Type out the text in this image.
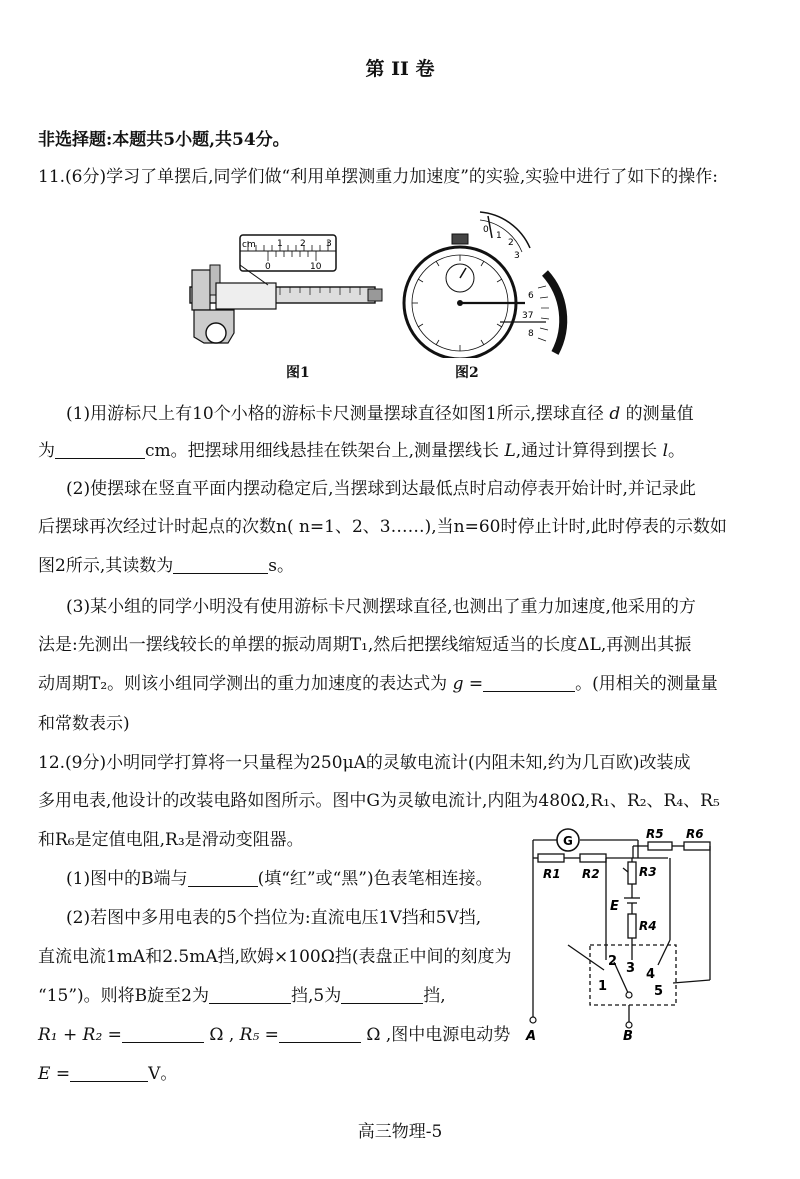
第 II 卷
非选择题:本题共5小题,共54分。
11.(6分)学习了单摆后,同学们做“利用单摆测重力加速度”的实验,实验中进行了如下的操作:
cm 1 2 3
0	10
图1
0
1
2
3
6
37
8
图2
(1)用游标尺上有10个小格的游标卡尺测量摆球直径如图1所示,摆球直径 d 的测量值
为	cm。把摆球用细线悬挂在铁架台上,测量摆线长 L,通过计算得到摆长 l。
(2)使摆球在竖直平面内摆动稳定后,当摆球到达最低点时启动停表开始计时,并记录此
后摆球再次经过计时起点的次数n( n=1、2、3……),当n=60时停止计时,此时停表的示数如
图2所示,其读数为	s。
(3)某小组的同学小明没有使用游标卡尺测摆球直径,也测出了重力加速度,他采用的方
法是:先测出一摆线较长的单摆的振动周期T₁,然后把摆线缩短适当的长度ΔL,再测出其振
动周期T₂。则该小组同学测出的重力加速度的表达式为 g =	。(用相关的测量量
和常数表示)
12.(9分)小明同学打算将一只量程为250μA的灵敏电流计(内阻未知,约为几百欧)改装成
多用电表,他设计的改装电路如图所示。图中G为灵敏电流计,内阻为480Ω,R₁、R₂、R₄、R₅
和R₆是定值电阻,R₃是滑动变阻器。
(1)图中的B端与	(填“红”或“黑”)色表笔相连接。
(2)若图中多用电表的5个挡位为:直流电压1V挡和5V挡,
直流电流1mA和2.5mA挡,欧姆×100Ω挡(表盘正中间的刻度为
“15”)。则将B旋至2为	挡,5为	挡,
R₁ + R₂ =	Ω , R₅ =	Ω ,图中电源电动势
E =	V。
G
R1 R2	R3
R4
R5 R6
E
1
2 3 4
5
A	B
高三物理-5
